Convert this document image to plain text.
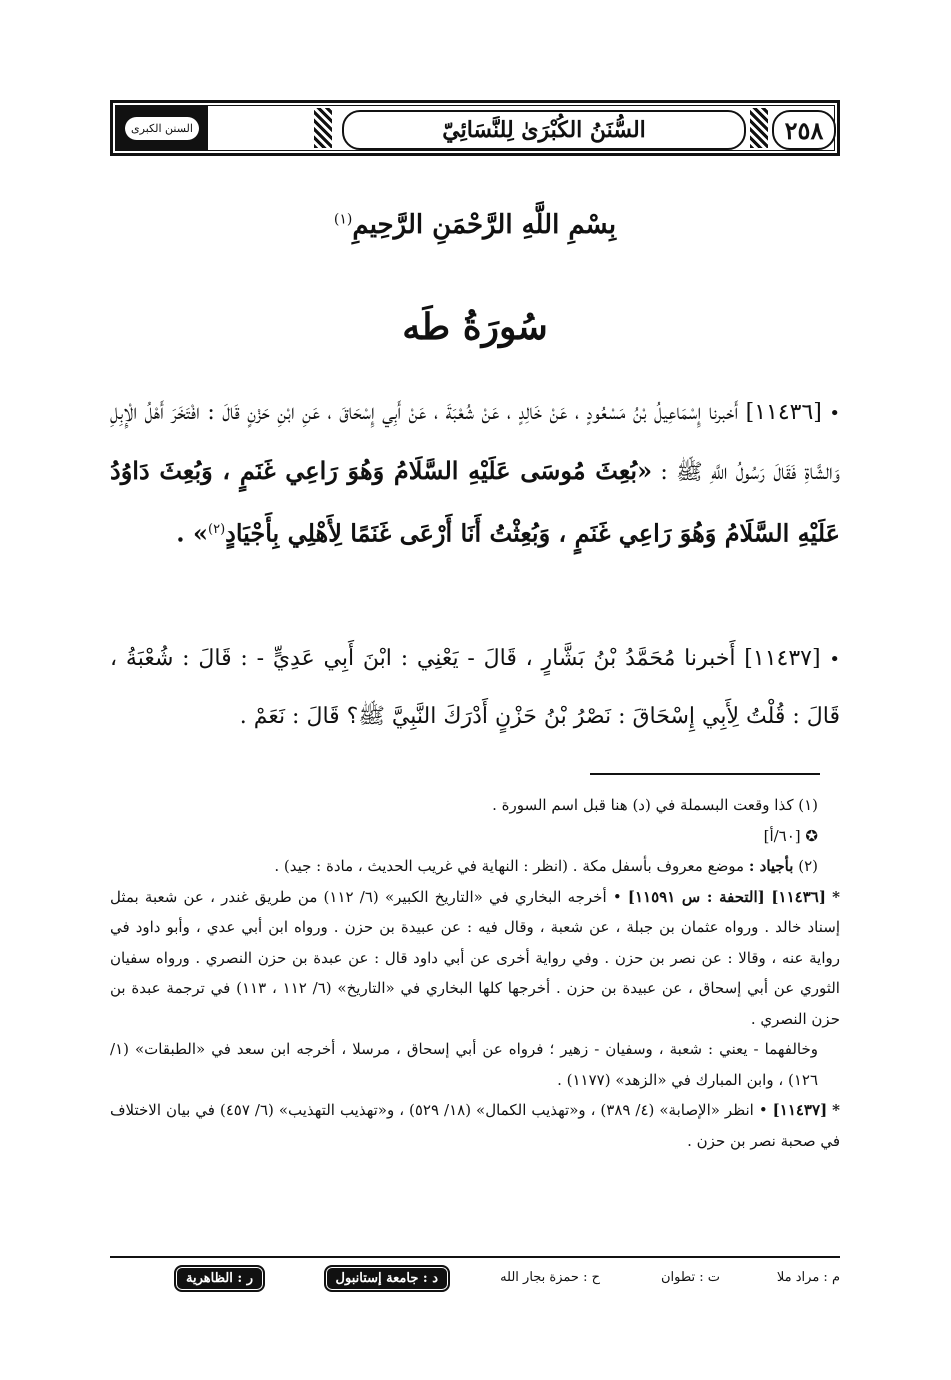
السنن الكبرى	السُّنَنُ الكُبْرَىٰ لِلنَّسَائِيّ	٢٥٨
بِسْمِ اللَّهِ الرَّحْمَنِ الرَّحِيمِ$^{(١)}$
سُورَةُ طَه
• [١١٤٣٦] أَخبرنا إِسْمَاعِيلُ بْنُ مَسْعُودٍ ، عَنْ خَالِدٍ ، عَنْ شُعْبَةَ ، عَنْ أَبِي إِسْحَاقَ ، عَنِ ابْنِ حَزْنٍ قَالَ : افْتَخَرَ أَهْلُ الْإِبِلِ وَالشَّاةِ فَقَالَ رَسُولُ اللَّهِ ﷺ : «بُعِثَ مُوسَى عَلَيْهِ السَّلَامُ وَهُوَ رَاعِي غَنَمٍ ، وَبُعِثَ دَاوُدُ عَلَيْهِ السَّلَامُ وَهُوَ رَاعِي غَنَمٍ ، وَبُعِثْتُ أَنَا أَرْعَى غَنَمًا لِأَهْلِي بِأَجْيَادٍ$^{(٢)}$» .
• [١١٤٣٧] أَخبرنا مُحَمَّدُ بْنُ بَشَّارٍ ، قَالَ - يَعْنِي : ابْنَ أَبِي عَدِيٍّ - : قَالَ : شُعْبَةُ ، قَالَ : قُلْتُ لِأَبِي إِسْحَاقَ : نَصْرُ بْنُ حَزْنٍ أَدْرَكَ النَّبِيَّ ﷺ؟ قَالَ : نَعَمْ .

(١) كذا وقعت البسملة في (د) هنا قبل اسم السورة .

✪ [٦٠/أ]

(٢) بأجياد : موضع معروف بأسفل مكة . (انظر : النهاية في غريب الحديث ، مادة : جيد) .

* [١١٤٣٦] [التحفة : س ١١٥٩١] • أخرجه البخاري في «التاريخ الكبير» (٦/ ١١٢) من طريق غندر ، عن شعبة بمثل إسناد خالد . ورواه عثمان بن جبلة ، عن شعبة ، وقال فيه : عن عبيدة بن حزن . ورواه ابن أبي عدي ، وأبو داود في رواية عنه ، وقالا : عن نصر بن حزن . وفي رواية أخرى عن أبي داود قال : عن عبدة بن حزن النصري . ورواه سفيان الثوري عن أبي إسحاق ، عن عبيدة بن حزن . أخرجها كلها البخاري في «التاريخ» (٦/ ١١٢ ، ١١٣) في ترجمة عبدة بن حزن النصري .

وخالفهما - يعني : شعبة ، وسفيان - زهير ؛ فرواه عن أبي إسحاق ، مرسلا ، أخرجه ابن سعد في «الطبقات» (١/ ١٢٦) ، وابن المبارك في «الزهد» (١١٧٧) .

* [١١٤٣٧] • انظر «الإصابة» (٤/ ٣٨٩) ، و«تهذيب الكمال» (١٨/ ٥٢٩) ، و«تهذيب التهذيب» (٦/ ٤٥٧) في بيان الاختلاف في صحبة نصر بن حزن .

م : مراد ملا
ت : تطوان
ح : حمزة بجار الله
د : جامعة إستانبول
ر : الظاهرية
